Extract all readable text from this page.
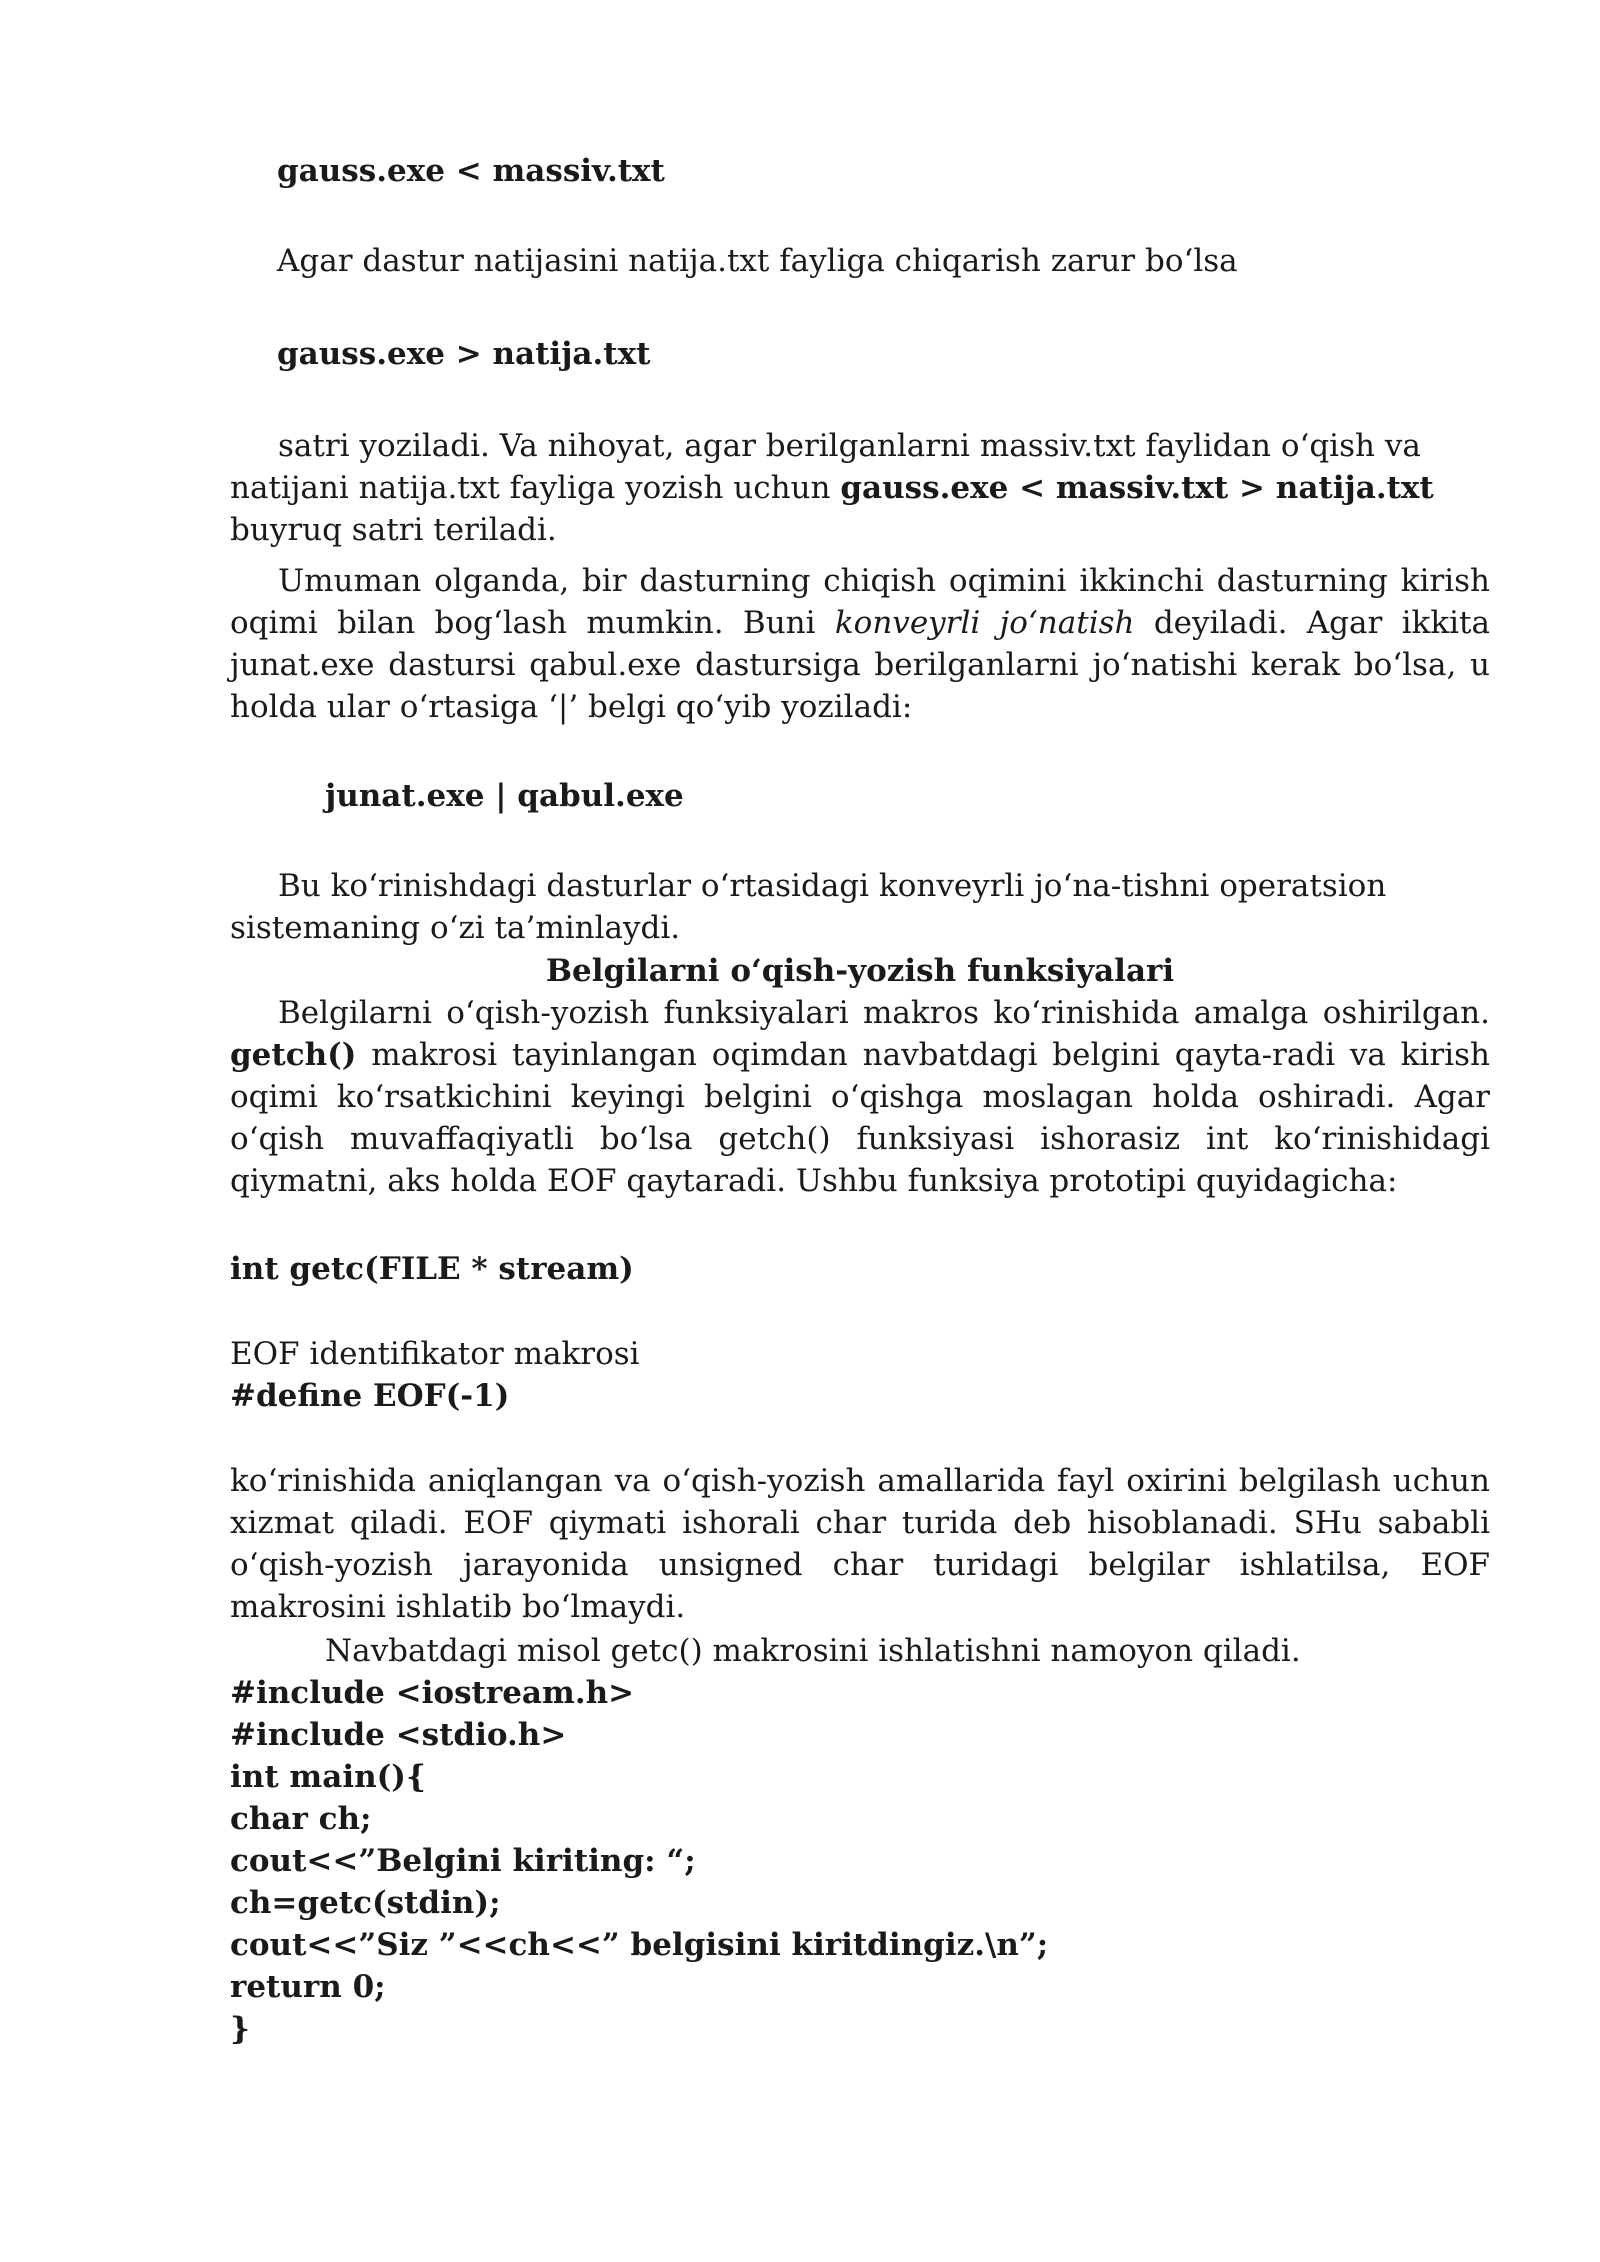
gauss.exe < massiv.txt

Agar dastur natijasini natija.txt fayliga chiqarish zarur bo‘lsa

gauss.exe > natija.txt

satri yoziladi. Va nihoyat, agar berilganlarni massiv.txt faylidan o‘qish va natijani natija.txt fayliga yozish uchun gauss.exe < massiv.txt > natija.txt buyruq satri teriladi.

Umuman olganda, bir dasturning chiqish oqimini ikkinchi dasturning kirish oqimi bilan bog‘lash mumkin. Buni konveyrli jo‘natish deyiladi. Agar ikkita junat.exe dastursi qabul.exe dastursiga berilganlarni jo‘natishi kerak bo‘lsa, u holda ular o‘rtasiga ‘|’ belgi qo‘yib yoziladi:

junat.exe | qabul.exe

Bu ko‘rinishdagi dasturlar o‘rtasidagi konveyrli jo‘na-tishni operatsion sistemaning o‘zi ta’minlaydi.

Belgilarni o‘qish-yozish funksiyalari

Belgilarni o‘qish-yozish funksiyalari makros ko‘rinishida amalga oshirilgan. getch() makrosi tayinlangan oqimdan navbatdagi belgini qayta-radi va kirish oqimi ko‘rsatkichini keyingi belgini o‘qishga moslagan holda oshiradi. Agar o‘qish muvaffaqiyatli bo‘lsa getch() funksiyasi ishorasiz int ko‘rinishidagi qiymatni, aks holda EOF qaytaradi. Ushbu funksiya prototipi quyidagicha:

int getc(FILE * stream)

EOF identifikator makrosi

#define EOF(-1)

ko‘rinishida aniqlangan va o‘qish-yozish amallarida fayl oxirini belgilash uchun xizmat qiladi. EOF qiymati ishorali char turida deb hisoblanadi. SHu sababli o‘qish-yozish jarayonida unsigned char turidagi belgilar ishlatilsa, EOF makrosini ishlatib bo‘lmaydi.

Navbatdagi misol getc() makrosini ishlatishni namoyon qiladi.

#include <iostream.h>
#include <stdio.h>
int main(){
char ch;
cout<<”Belgini kiriting: “;
ch=getc(stdin);
cout<<”Siz ”<<ch<<” belgisini kiritdingiz.\n”;
return 0;
}
